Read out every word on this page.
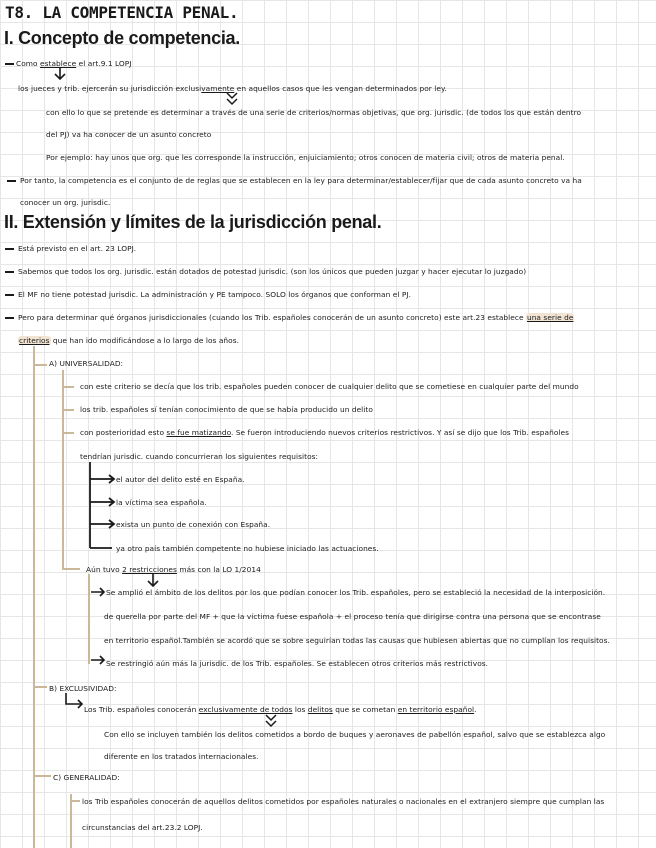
T8. LA COMPETENCIA PENAL.
I. Concepto de competencia.
Como establece el art.9.1 LOPJ
los jueces y trib. ejercerán su jurisdicción exclusivamente en aquellos casos que les vengan determinados por ley.
con ello lo que se pretende es determinar a través de una serie de criterios/normas objetivas, que org. jurisdic. (de todos los que están dentro
del PJ) va ha conocer de un asunto concreto
Por ejemplo: hay unos que org. que les corresponde la instrucción, enjuiciamiento; otros conocen de materia civil; otros de materia penal.
Por tanto, la competencia es el conjunto de de reglas que se establecen en la ley para determinar/establecer/fijar que de cada asunto concreto va ha
conocer un org. jurisdic.
II. Extensión y límites de la jurisdicción penal.
Está previsto en el art. 23 LOPJ.
Sabemos que todos los org. jurisdic. están dotados de potestad jurisdic. (son los únicos que pueden juzgar y hacer ejecutar lo juzgado)
El MF no tiene potestad jurisdic. La administración y PE tampoco. SOLO los órganos que conforman el PJ.
Pero para determinar qué órganos jurisdiccionales (cuando los Trib. españoles conocerán de un asunto concreto) este art.23 establece una serie de
criterios que han ido modificándose a lo largo de los años.
A) UNIVERSALIDAD:
con este criterio se decía que los trib. españoles pueden conocer de cualquier delito que se cometiese en cualquier parte del mundo
los trib. españoles sí tenían conocimiento de que se había producido un delito
con posterioridad esto se fue matizando. Se fueron introduciendo nuevos criterios restrictivos. Y así se dijo que los Trib. españoles
tendrían jurisdic. cuando concurrieran los siguientes requisitos:
el autor del delito esté en España.
la víctima sea española.
exista un punto de conexión con España.
ya otro país también competente no hubiese iniciado las actuaciones.
Aún tuvo 2 restricciones más con la LO 1/2014
Se amplió el ámbito de los delitos por los que podían conocer los Trib. españoles, pero se estableció la necesidad de la interposición.
de querella por parte del MF + que la víctima fuese española + el proceso tenía que dirigirse contra una persona que se encontrase
en territorio español.También se acordó que se sobre seguirían todas las causas que hubiesen abiertas que no cumplían los requisitos.
Se restringió aún más la jurisdic. de los Trib. españoles. Se establecen otros criterios más restrictivos.
B) EXCLUSIVIDAD:
Los Trib. españoles conocerán exclusivamente de todos los delitos que se cometan en territorio español.
Con ello se incluyen también los delitos cometidos a bordo de buques y aeronaves de pabellón español, salvo que se establezca algo
diferente en los tratados internacionales.
C) GENERALIDAD:
los Trib españoles conocerán de aquellos delitos cometidos por españoles naturales o nacionales en el extranjero siempre que cumplan las
circunstancias del art.23.2 LOPJ.
